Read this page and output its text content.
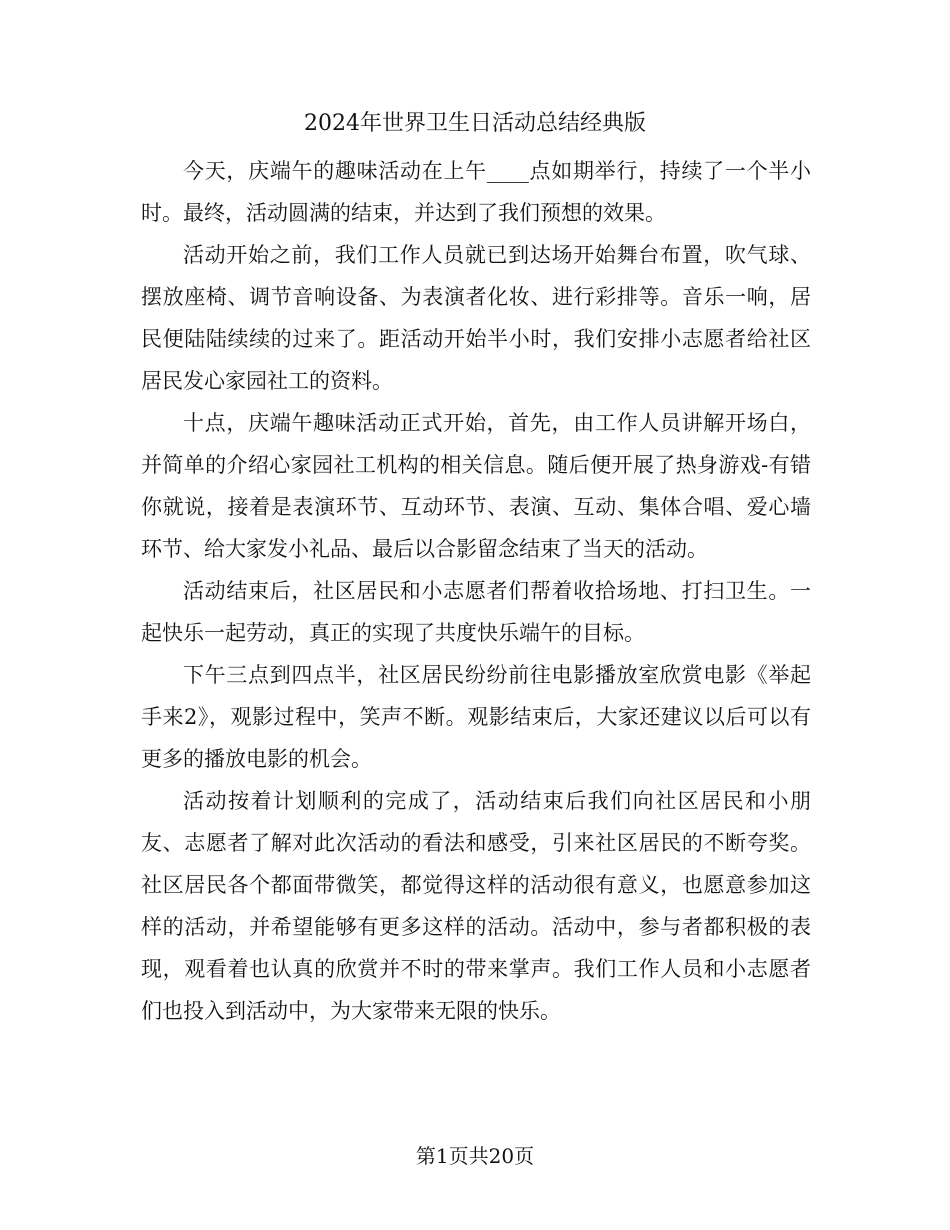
2024年世界卫生日活动总结经典版

今天，庆端午的趣味活动在上午____点如期举行，持续了一个半小时。最终，活动圆满的结束，并达到了我们预想的效果。

活动开始之前，我们工作人员就已到达场开始舞台布置，吹气球、摆放座椅、调节音响设备、为表演者化妆、进行彩排等。音乐一响，居民便陆陆续续的过来了。距活动开始半小时，我们安排小志愿者给社区居民发心家园社工的资料。

十点，庆端午趣味活动正式开始，首先，由工作人员讲解开场白，并简单的介绍心家园社工机构的相关信息。随后便开展了热身游戏-有错你就说，接着是表演环节、互动环节、表演、互动、集体合唱、爱心墙环节、给大家发小礼品、最后以合影留念结束了当天的活动。

活动结束后，社区居民和小志愿者们帮着收拾场地、打扫卫生。一起快乐一起劳动，真正的实现了共度快乐端午的目标。

下午三点到四点半，社区居民纷纷前往电影播放室欣赏电影《举起手来2》，观影过程中，笑声不断。观影结束后，大家还建议以后可以有更多的播放电影的机会。

活动按着计划顺利的完成了，活动结束后我们向社区居民和小朋友、志愿者了解对此次活动的看法和感受，引来社区居民的不断夸奖。社区居民各个都面带微笑，都觉得这样的活动很有意义，也愿意参加这样的活动，并希望能够有更多这样的活动。活动中，参与者都积极的表现，观看着也认真的欣赏并不时的带来掌声。我们工作人员和小志愿者们也投入到活动中，为大家带来无限的快乐。

第1页共20页
